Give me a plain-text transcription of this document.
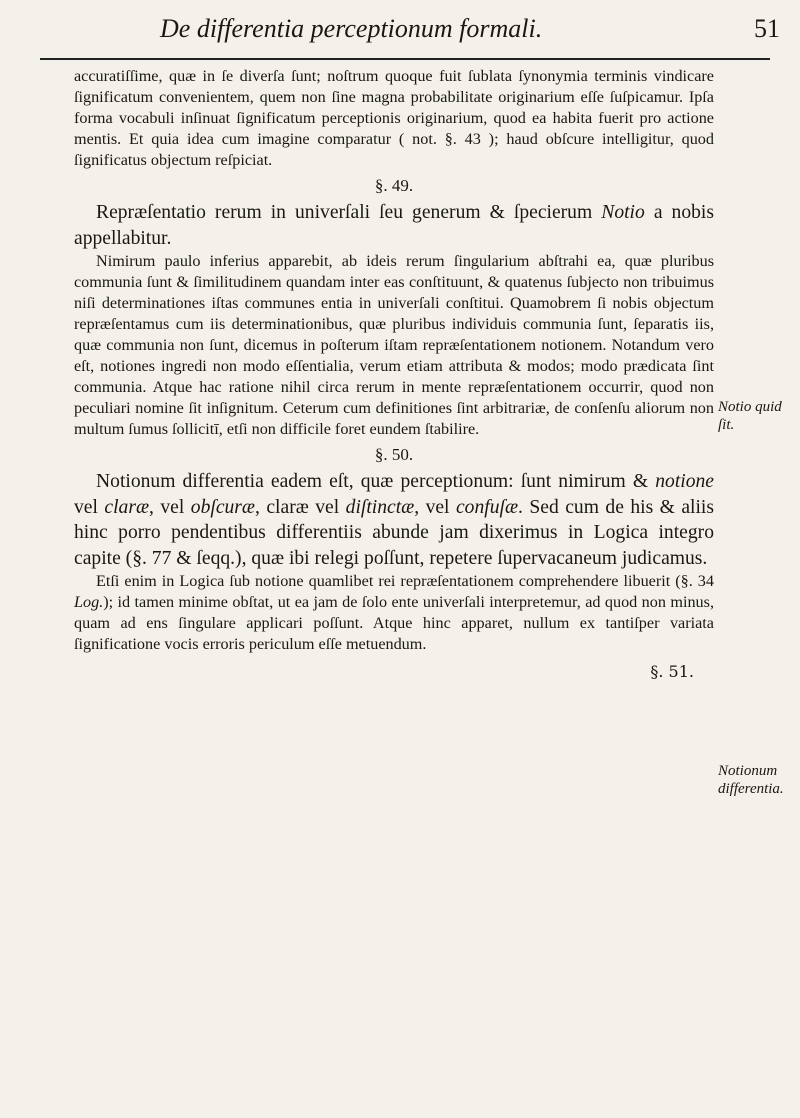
De differentia perceptionum formali.	51

accuratiſſime, quæ in ſe diverſa ſunt; noſtrum quoque fuit ſublata ſynonymia terminis vindicare ſignificatum convenientem, quem non ſine magna probabilitate originarium eſſe ſuſpicamur. Ipſa forma vocabuli inſinuat ſignificatum perceptionis originarium, quod ea habita fuerit pro actione mentis. Et quia idea cum imagine comparatur ( not. §. 43 ); haud obſcure intelligitur, quod ſignificatus objectum reſpiciat.

§. 49.

Repræſentatio rerum in univerſali ſeu generum & ſpecierum Notio a nobis appellabitur.

Nimirum paulo inferius apparebit, ab ideis rerum ſingularium abſtrahi ea, quæ pluribus communia ſunt & ſimilitudinem quandam inter eas conſtituunt, & quatenus ſubjecto non tribuimus niſi determinationes iſtas communes entia in univerſali conſtitui. Quamobrem ſi nobis objectum repræſentamus cum iis determinationibus, quæ pluribus individuis communia ſunt, ſeparatis iis, quæ communia non ſunt, dicemus in poſterum iſtam repræſentationem notionem. Notandum vero eſt, notiones ingredi non modo eſſentialia, verum etiam attributa & modos; modo prædicata ſint communia. Atque hac ratione nihil circa rerum in mente repræſentationem occurrir, quod non peculiari nomine ſit inſignitum. Ceterum cum definitiones ſint arbitrariæ, de conſenſu aliorum non multum ſumus ſollicitī, etſi non difficile foret eundem ſtabilire.

§. 50.

Notionum differentia eadem eſt, quæ perceptionum: ſunt nimirum & notione vel claræ, vel obſcuræ, claræ vel diſtinctæ, vel confuſæ. Sed cum de his & aliis hinc porro pendentibus differentiis abunde jam dixerimus in Logica integro capite (§. 77 & ſeqq.), quæ ibi relegi poſſunt, repetere ſupervacaneum judicamus.

Etſi enim in Logica ſub notione quamlibet rei repræſentationem comprehendere libuerit (§. 34 Log.); id tamen minime obſtat, ut ea jam de ſolo ente univerſali interpretemur, ad quod non minus, quam ad ens ſingulare applicari poſſunt. Atque hinc apparet, nullum ex tantiſper variata ſignificatione vocis erroris periculum eſſe metuendum.

§. 51.

Notio quid
ſit.
Notionum
differentia.
